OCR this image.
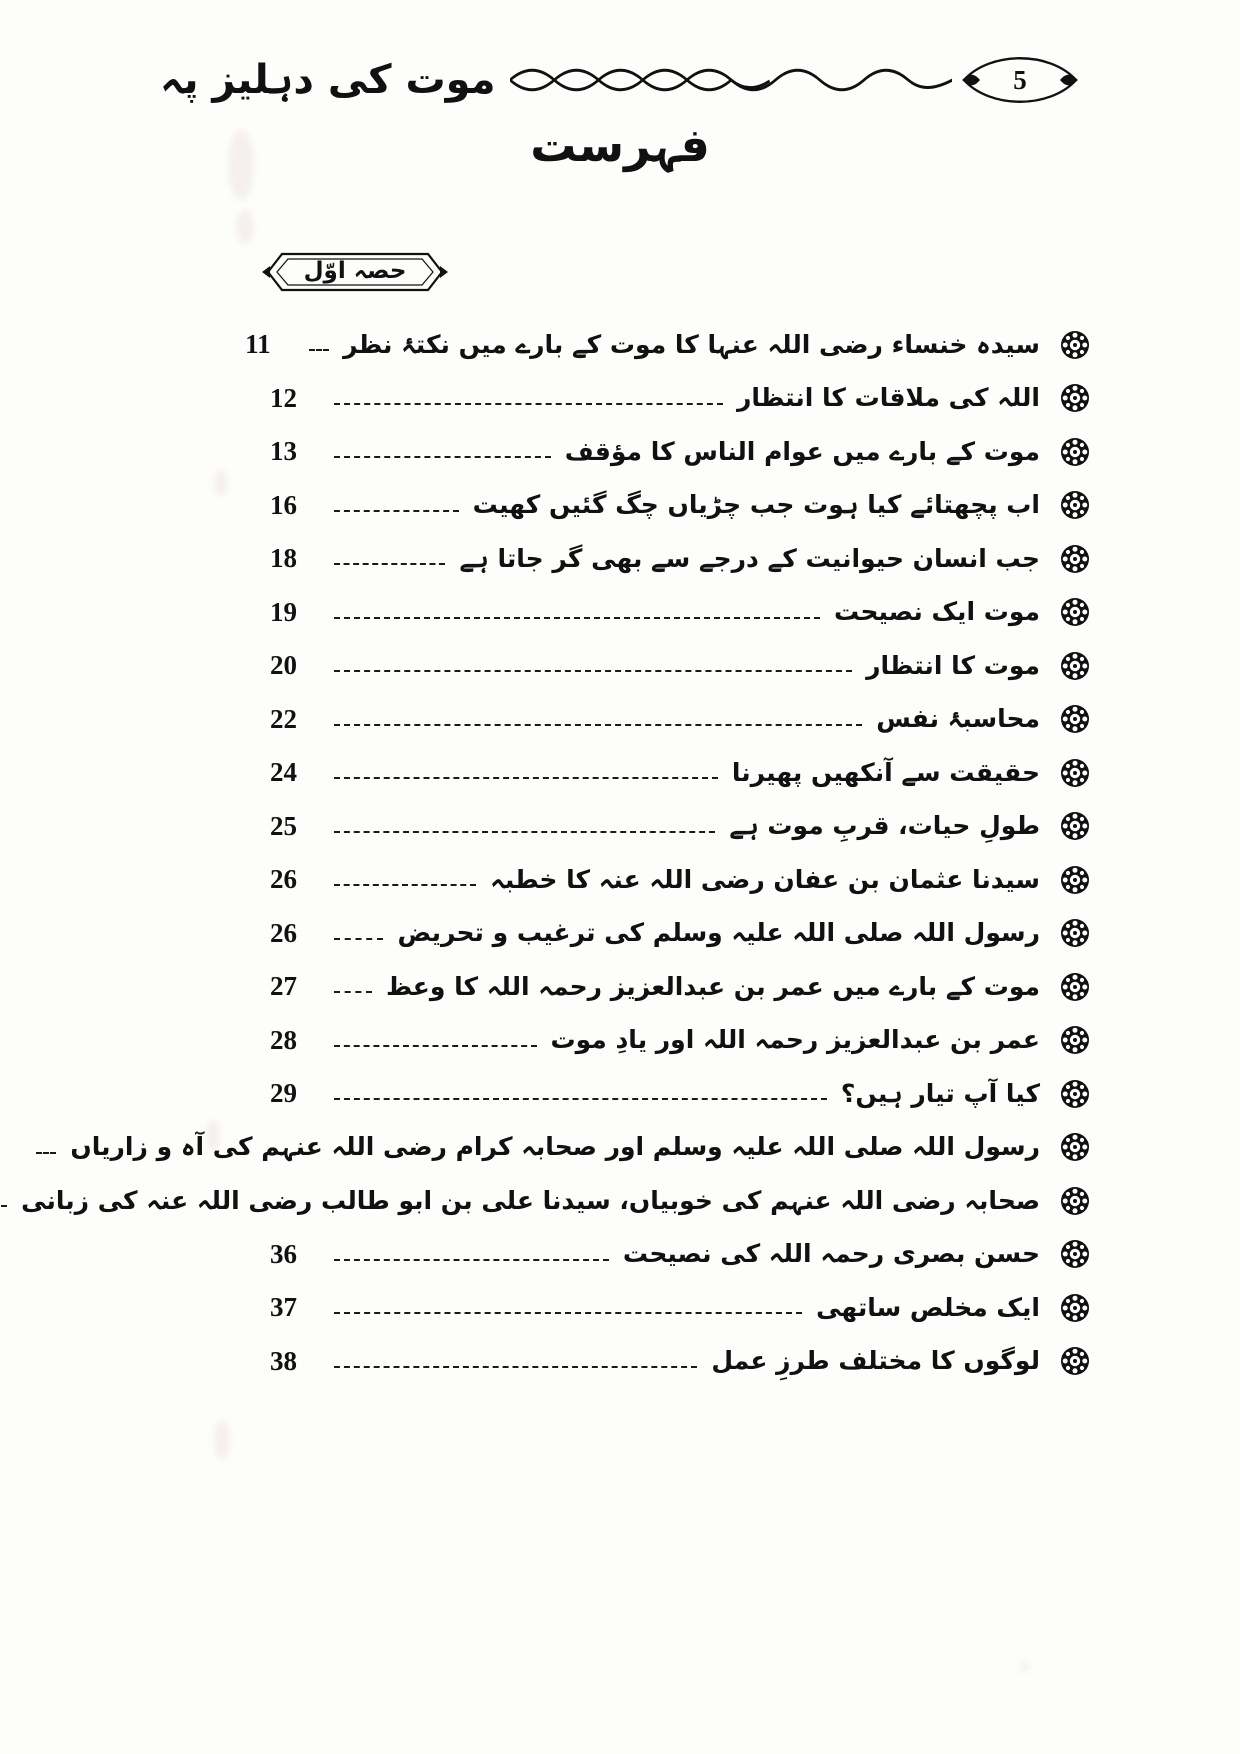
5
موت کی دہلیز پہ
فہرست
حصہ اوّل
سیدہ خنساء رضی اللہ عنہا کا موت کے بارے میں نکتۂ نظر
11
اللہ کی ملاقات کا انتظار
12
موت کے بارے میں عوام الناس کا مؤقف
13
اب پچھتائے کیا ہوت جب چڑیاں چگ گئیں کھیت
16
جب انسان حیوانیت کے درجے سے بھی گر جاتا ہے
18
موت ایک نصیحت
19
موت کا انتظار
20
محاسبۂ نفس
22
حقیقت سے آنکھیں پھیرنا
24
طولِ حیات، قربِ موت ہے
25
سیدنا عثمان بن عفان رضی اللہ عنہ کا خطبہ
26
رسول اللہ صلی اللہ علیہ وسلم کی ترغیب و تحریض
26
موت کے بارے میں عمر بن عبدالعزیز رحمہ اللہ کا وعظ
27
عمر بن عبدالعزیز رحمہ اللہ اور یادِ موت
28
کیا آپ تیار ہیں؟
29
رسول اللہ صلی اللہ علیہ وسلم اور صحابہ کرام رضی اللہ عنہم کی آہ و زاریاں
صحابہ رضی اللہ عنہم کی خوبیاں، سیدنا علی بن ابو طالب رضی اللہ عنہ کی زبانی
حسن بصری رحمہ اللہ کی نصیحت
36
ایک مخلص ساتھی
37
لوگوں کا مختلف طرزِ عمل
38
